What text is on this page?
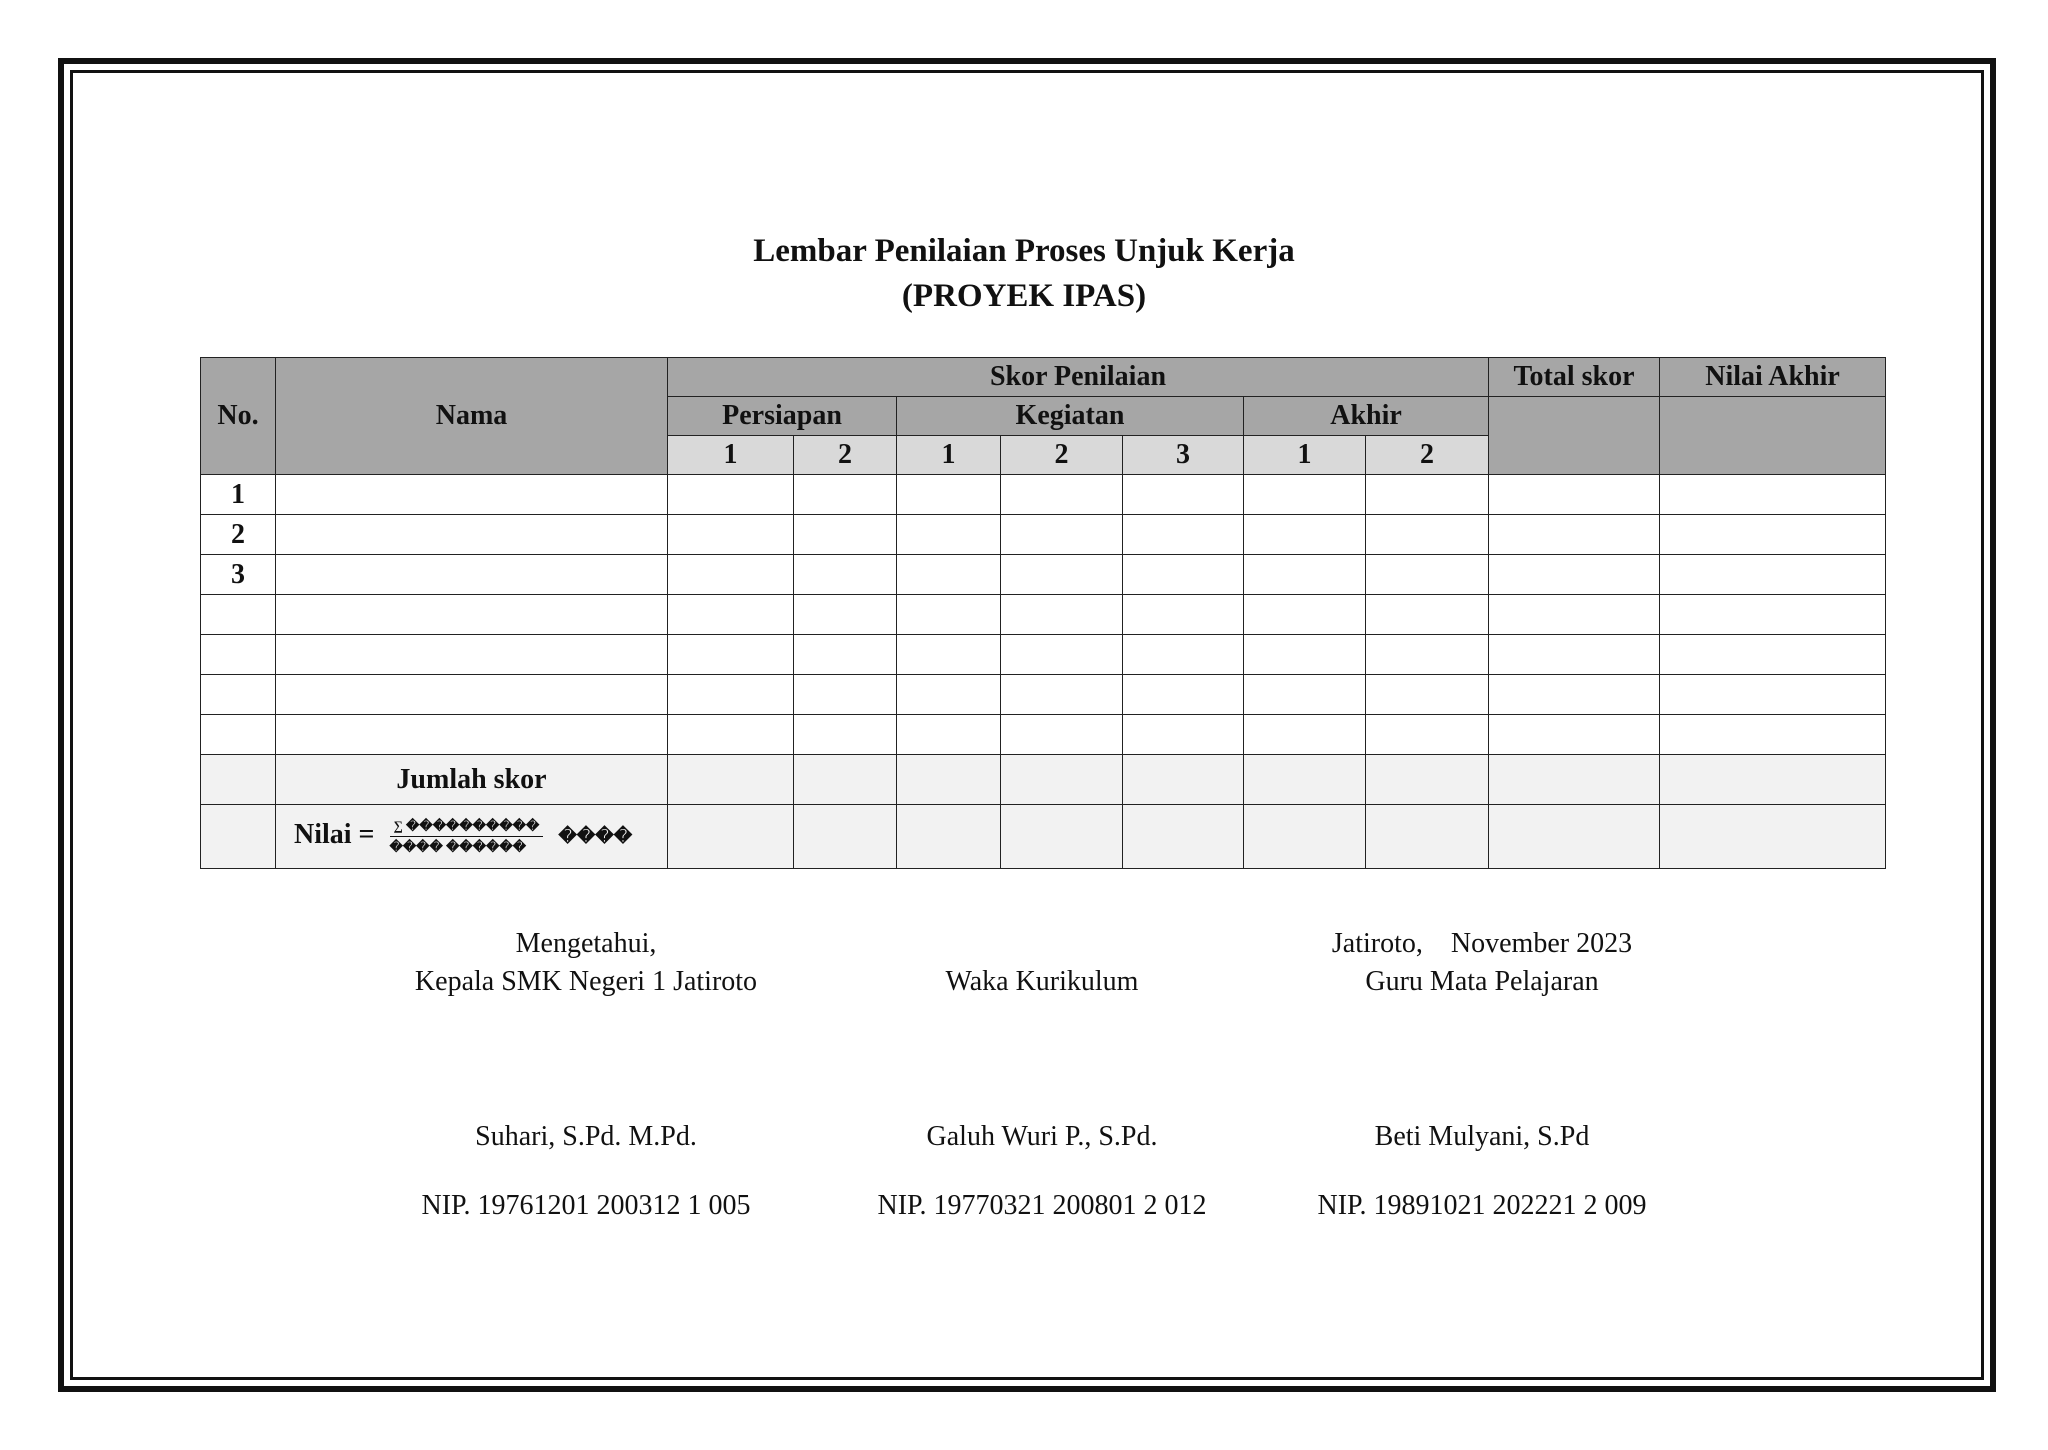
Lembar Penilaian Proses Unjuk Kerja
(PROYEK IPAS)
No.	Nama	Skor Penilaian							Total skor	Nilai Akhir
		Persiapan		Kegiatan			Akhir			
		1	2	1	2	3	1	2		
1										
2										
3										

	Jumlah skor									
	Nilai = $\frac{\sum ����������}{���� ������}$ ����									
Mengetahui,
Kepala SMK Negeri 1 Jatiroto
Suhari, S.Pd. M.Pd.
NIP. 19761201 200312 1 005
Waka Kurikulum
Galuh Wuri P., S.Pd.
NIP. 19770321 200801 2 012
Jatiroto,    November 2023
Guru Mata Pelajaran
Beti Mulyani, S.Pd
NIP. 19891021 202221 2 009
